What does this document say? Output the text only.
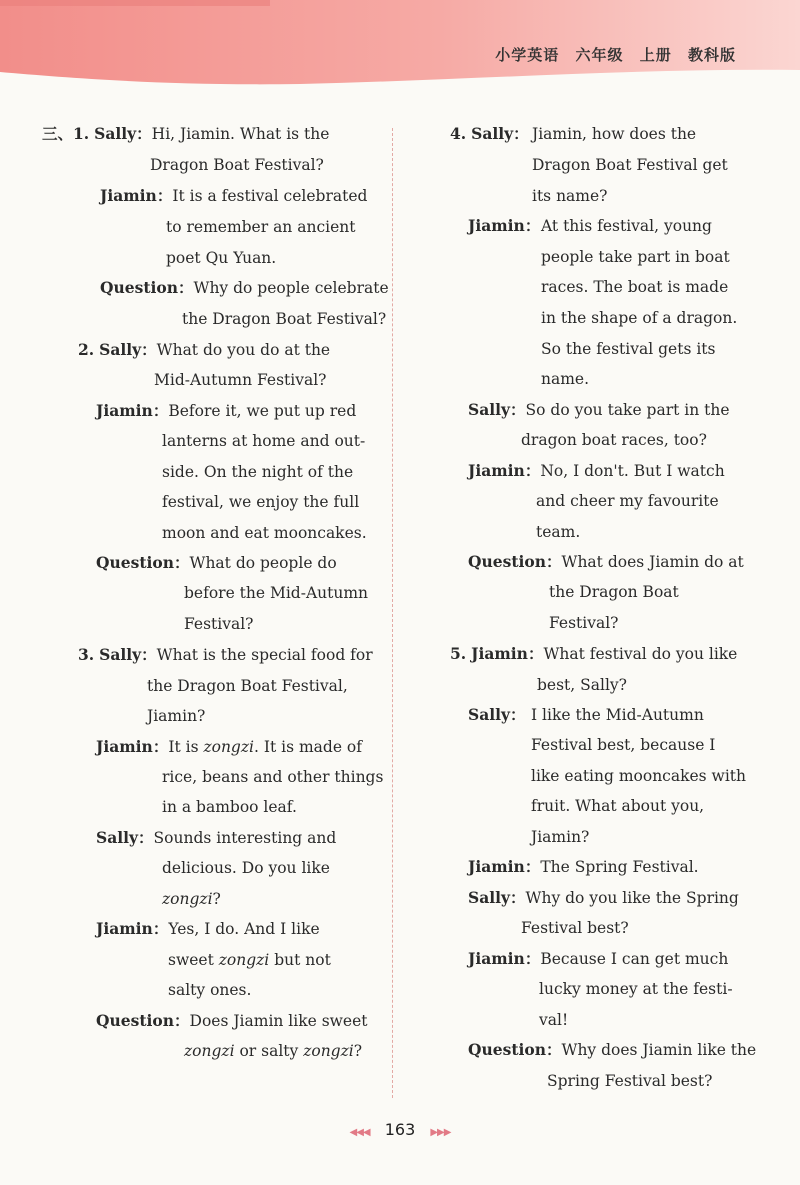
小学英语 六年级 上册 教科版
三、1. Sally：Hi, Jiamin. What is the
Dragon Boat Festival?
Jiamin：It is a festival celebrated
to remember an ancient
poet Qu Yuan.
Question：Why do people celebrate
the Dragon Boat Festival?
2. Sally：What do you do at the
Mid-Autumn Festival?
Jiamin：Before it, we put up red
lanterns at home and out-
side. On the night of the
festival, we enjoy the full
moon and eat mooncakes.
Question：What do people do
before the Mid-Autumn
Festival?
3. Sally：What is the special food for
the Dragon Boat Festival,
Jiamin?
Jiamin：It is zongzi. It is made of
rice, beans and other things
in a bamboo leaf.
Sally：Sounds interesting and
delicious. Do you like
zongzi?
Jiamin：Yes, I do. And I like
sweet zongzi but not
salty ones.
Question：Does Jiamin like sweet
zongzi or salty zongzi?
4. Sally： Jiamin, how does the
Dragon Boat Festival get
its name?
Jiamin： At this festival, young
people take part in boat
races. The boat is made
in the shape of a dragon.
So the festival gets its
name.
Sally：So do you take part in the
dragon boat races, too?
Jiamin：No, I don't. But I watch
and cheer my favourite
team.
Question：What does Jiamin do at
the Dragon Boat
Festival?
5. Jiamin：What festival do you like
best, Sally?
Sally： I like the Mid-Autumn
Festival best, because I
like eating mooncakes with
fruit. What about you,
Jiamin?
Jiamin：The Spring Festival.
Sally：Why do you like the Spring
Festival best?
Jiamin：Because I can get much
lucky money at the festi-
val!
Question：Why does Jiamin like the
Spring Festival best?
◀◀◀ 163 ▶▶▶
